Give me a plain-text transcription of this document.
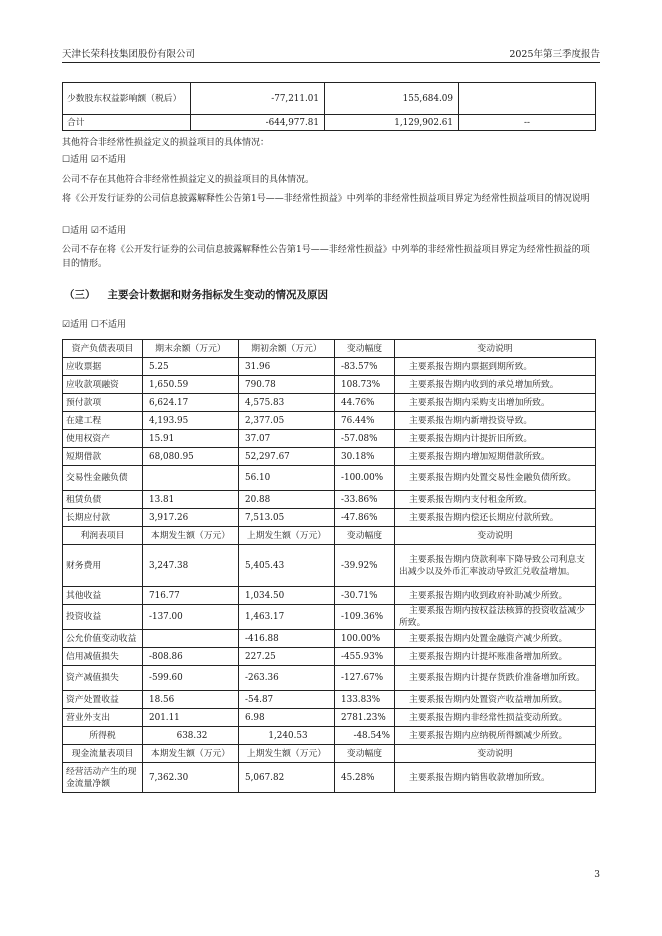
天津长荣科技集团股份有限公司	2025年第三季度报告
少数股东权益影响额（税后）	-77,211.01	155,684.09	
合计	-644,977.81	1,129,902.61	--
其他符合非经常性损益定义的损益项目的具体情况：
☐适用 ☑不适用
公司不存在其他符合非经常性损益定义的损益项目的具体情况。
将《公开发行证券的公司信息披露解释性公告第1号——非经常性损益》中列举的非经常性损益项目界定为经常性损益项目的情况说明
☐适用 ☑不适用
公司不存在将《公开发行证券的公司信息披露解释性公告第1号——非经常性损益》中列举的非经常性损益项目界定为经常性损益的项目的情形。
（三） 主要会计数据和财务指标发生变动的情况及原因
☑适用 ☐不适用
资产负债表项目	期末余额（万元）	期初余额（万元）	变动幅度	变动说明
应收票据	5.25	31.96	-83.57%	主要系报告期内票据到期所致。
应收款项融资	1,650.59	790.78	108.73%	主要系报告期内收到的承兑增加所致。
预付款项	6,624.17	4,575.83	44.76%	主要系报告期内采购支出增加所致。
在建工程	4,193.95	2,377.05	76.44%	主要系报告期内新增投资导致。
使用权资产	15.91	37.07	-57.08%	主要系报告期内计提折旧所致。
短期借款	68,080.95	52,297.67	30.18%	主要系报告期内增加短期借款所致。
交易性金融负债		56.10	-100.00%	主要系报告期内处置交易性金融负债所致。
租赁负债	13.81	20.88	-33.86%	主要系报告期内支付租金所致。
长期应付款	3,917.26	7,513.05	-47.86%	主要系报告期内偿还长期应付款所致。
利润表项目	本期发生额（万元）	上期发生额（万元）	变动幅度	变动说明
财务费用	3,247.38	5,405.43	-39.92%	主要系报告期内贷款利率下降导致公司利息支出减少以及外币汇率波动导致汇兑收益增加。
其他收益	716.77	1,034.50	-30.71%	主要系报告期内收到政府补助减少所致。
投资收益	-137.00	1,463.17	-109.36%	主要系报告期内按权益法核算的投资收益减少所致。
公允价值变动收益		-416.88	100.00%	主要系报告期内处置金融资产减少所致。
信用减值损失	-808.86	227.25	-455.93%	主要系报告期内计提坏账准备增加所致。
资产减值损失	-599.60	-263.36	-127.67%	主要系报告期内计提存货跌价准备增加所致。
资产处置收益	18.56	-54.87	133.83%	主要系报告期内处置资产收益增加所致。
营业外支出	201.11	6.98	2781.23%	主要系报告期内非经常性损益变动所致。
所得税	638.32	1,240.53	-48.54%	主要系报告期内应纳税所得额减少所致。
现金流量表项目	本期发生额（万元）	上期发生额（万元）	变动幅度	变动说明
经营活动产生的现金流量净额	7,362.30	5,067.82	45.28%	主要系报告期内销售收款增加所致。
3
